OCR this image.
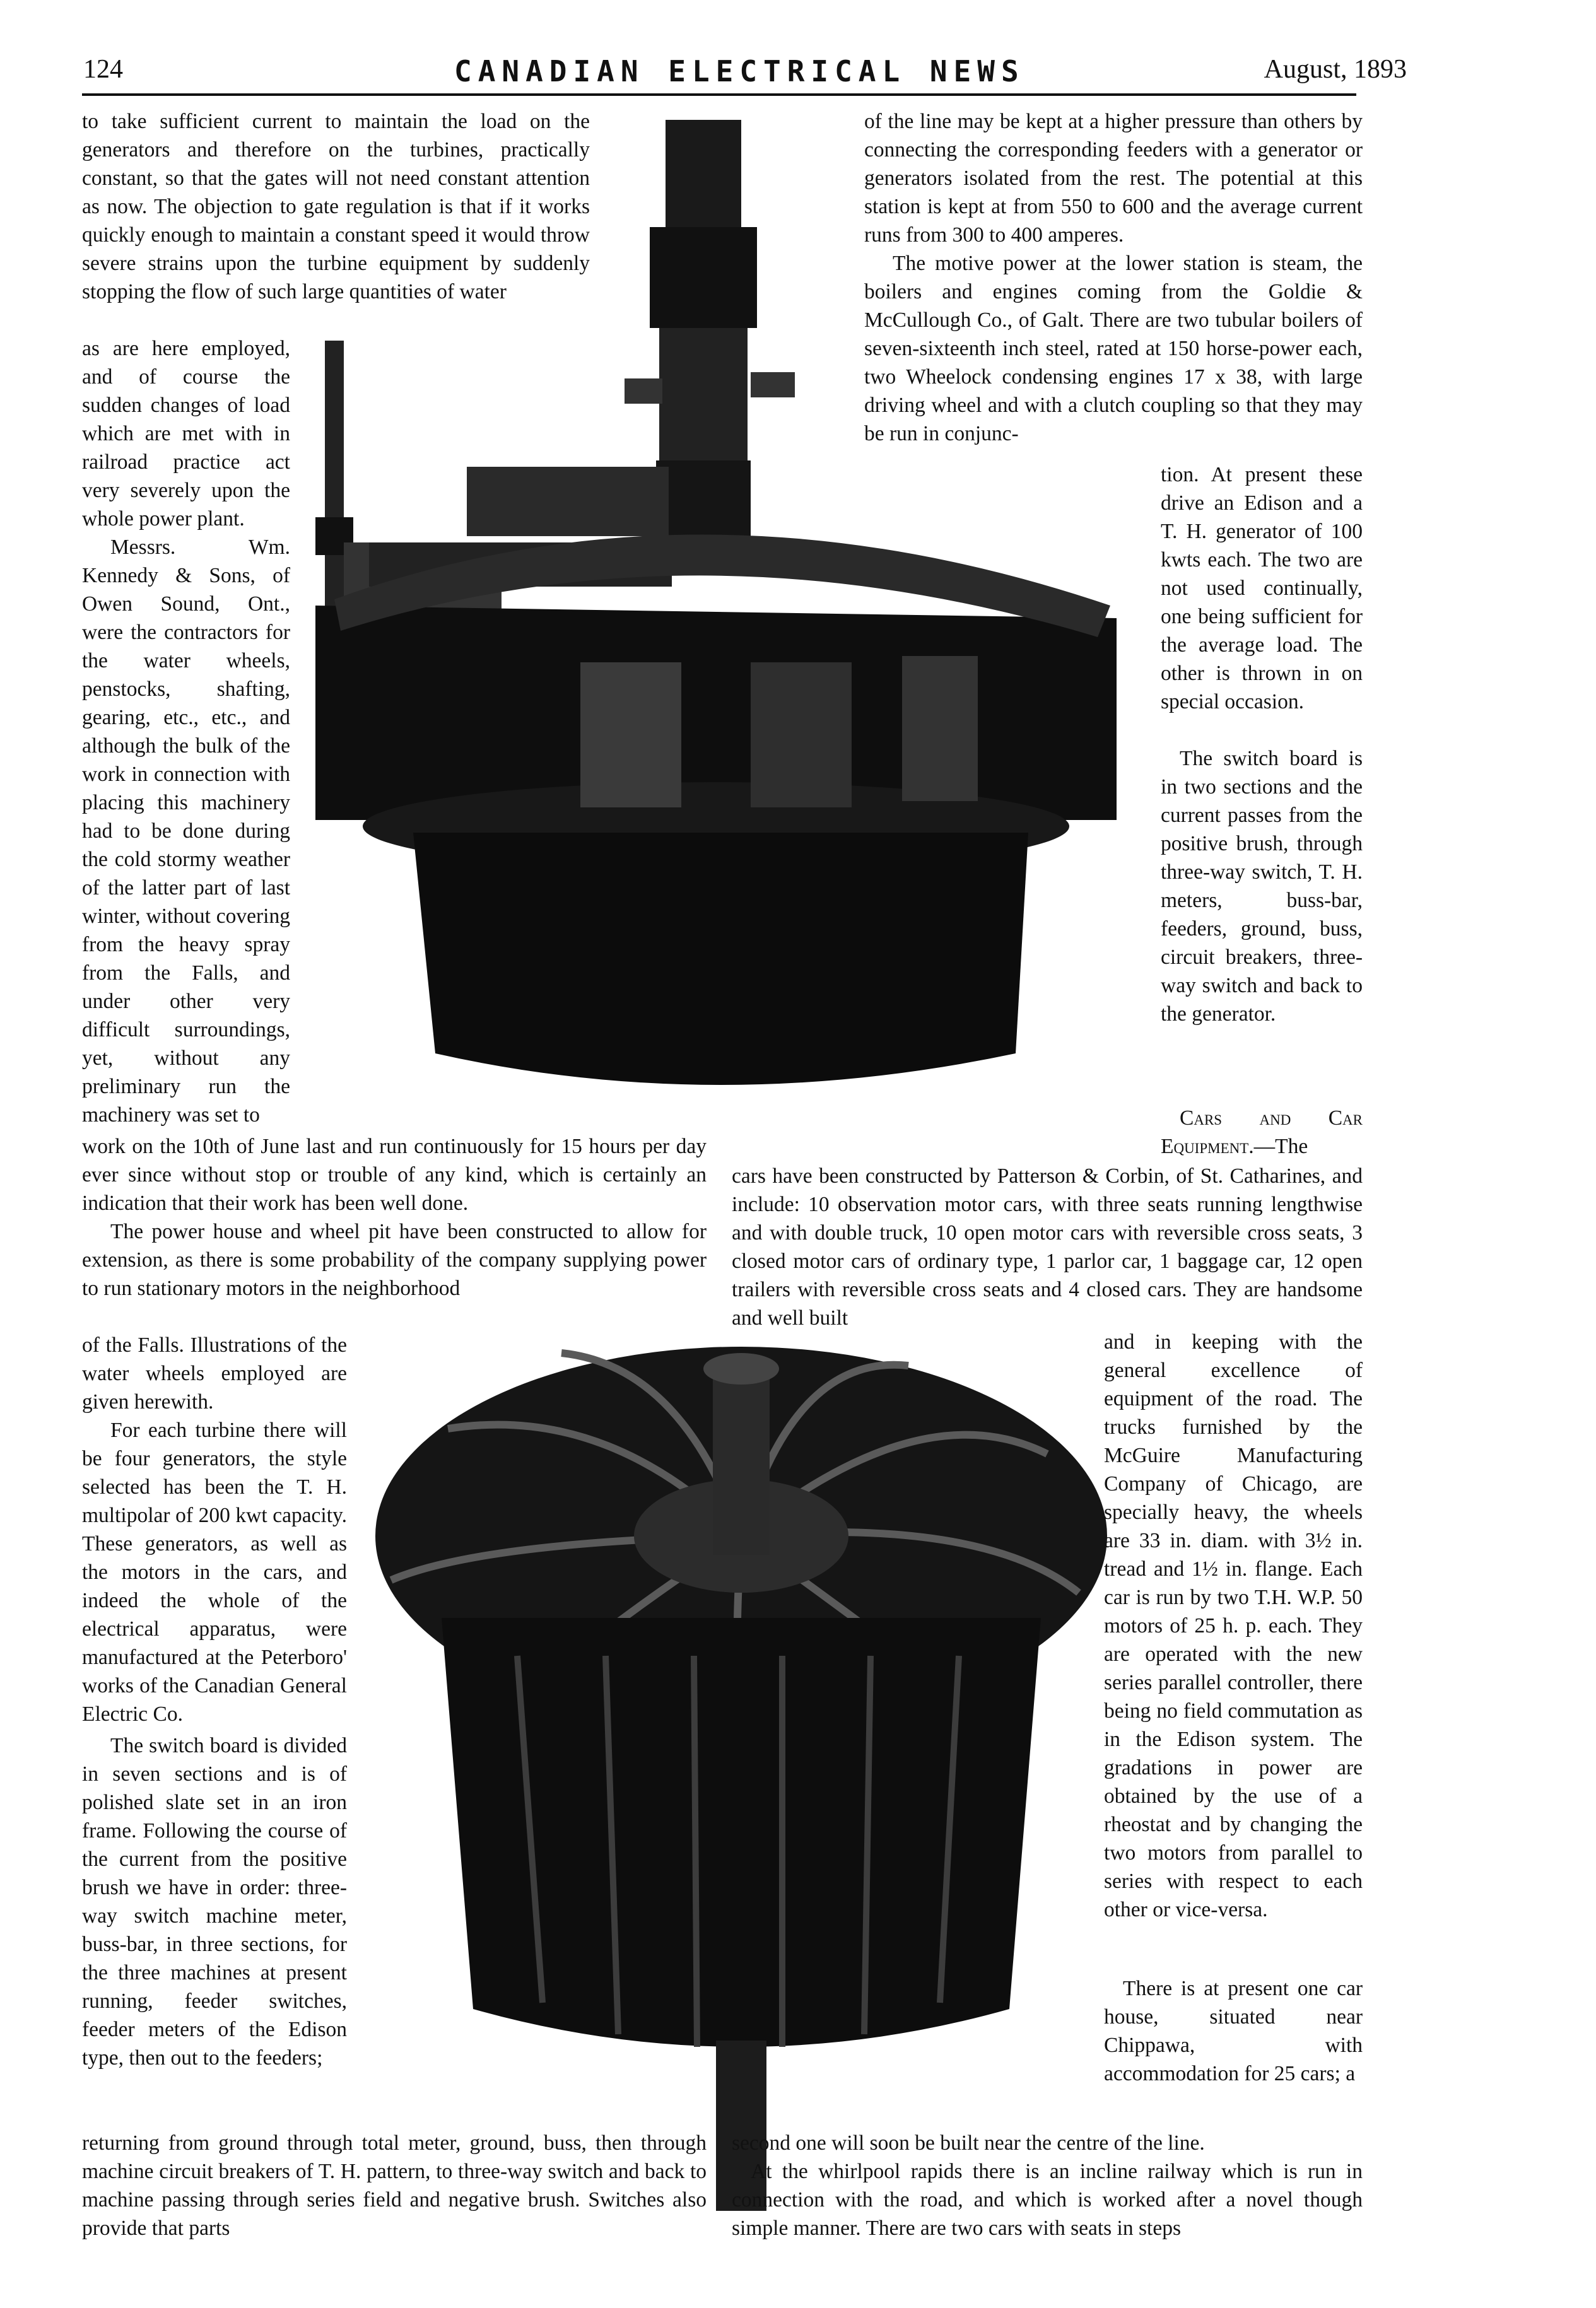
124	CANADIAN ELECTRICAL NEWS	August, 1893

to take sufficient current to maintain the load on the generators and therefore on the turbines, practically constant, so that the gates will not need constant attention as now. The objection to gate regulation is that if it works quickly enough to maintain a constant speed it would throw severe strains upon the turbine equipment by suddenly stopping the flow of such large quantities of water

as are here employed, and of course the sudden changes of load which are met with in railroad practice act very severely upon the whole power plant.

Messrs. Wm. Kennedy & Sons, of Owen Sound, Ont., were the contractors for the water wheels, penstocks, shafting, gearing, etc., etc., and although the bulk of the work in connection with placing this machinery had to be done during the cold stormy weather of the latter part of last winter, without covering from the heavy spray from the Falls, and under other very difficult surroundings, yet, without any preliminary run the machinery was set to

work on the 10th of June last and run continuously for 15 hours per day ever since without stop or trouble of any kind, which is certainly an indication that their work has been well done.

The power house and wheel pit have been constructed to allow for extension, as there is some probability of the company supplying power to run stationary motors in the neighborhood

of the Falls. Illustrations of the water wheels employed are given herewith.

For each turbine there will be four generators, the style selected has been the T. H. multipolar of 200 kwt capacity. These generators, as well as the motors in the cars, and indeed the whole of the electrical apparatus, were manufactured at the Peterboro' works of the Canadian General Electric Co.

The switch board is divided in seven sections and is of polished slate set in an iron frame. Following the course of the current from the positive brush we have in order: three-way switch machine meter, buss-bar, in three sections, for the three machines at present running, feeder switches, feeder meters of the Edison type, then out to the feeders;

returning from ground through total meter, ground, buss, then through machine circuit breakers of T. H. pattern, to three-way switch and back to machine passing through series field and negative brush. Switches also provide that parts

of the line may be kept at a higher pressure than others by connecting the corresponding feeders with a generator or generators isolated from the rest. The potential at this station is kept at from 550 to 600 and the average current runs from 300 to 400 amperes.

The motive power at the lower station is steam, the boilers and engines coming from the Goldie & McCullough Co., of Galt. There are two tubular boilers of seven-sixteenth inch steel, rated at 150 horse-power each, two Wheelock condensing engines 17 x 38, with large driving wheel and with a clutch coupling so that they may be run in conjunc-

tion. At present these drive an Edison and a T. H. generator of 100 kwts each. The two are not used continually, one being sufficient for the average load. The other is thrown in on special occasion.

The switch board is in two sections and the current passes from the positive brush, through three-way switch, T. H. meters, buss-bar, feeders, ground, buss, circuit breakers, three-way switch and back to the generator.

Cars and Car Equipment.—The

cars have been constructed by Patterson & Corbin, of St. Catharines, and include: 10 observation motor cars, with three seats running lengthwise and with double truck, 10 open motor cars with reversible cross seats, 3 closed motor cars of ordinary type, 1 parlor car, 1 baggage car, 12 open trailers with reversible cross seats and 4 closed cars. They are handsome and well built

and in keeping with the general excellence of equipment of the road. The trucks furnished by the McGuire Manufacturing Company of Chicago, are specially heavy, the wheels are 33 in. diam. with 3½ in. tread and 1½ in. flange. Each car is run by two T.H. W.P. 50 motors of 25 h. p. each. They are operated with the new series parallel controller, there being no field commutation as in the Edison system. The gradations in power are obtained by the use of a rheostat and by changing the two motors from parallel to series with respect to each other or vice-versa.

There is at present one car house, situated near Chippawa, with accommodation for 25 cars; a

second one will soon be built near the centre of the line.

At the whirlpool rapids there is an incline railway which is run in connection with the road, and which is worked after a novel though simple manner. There are two cars with seats in steps
